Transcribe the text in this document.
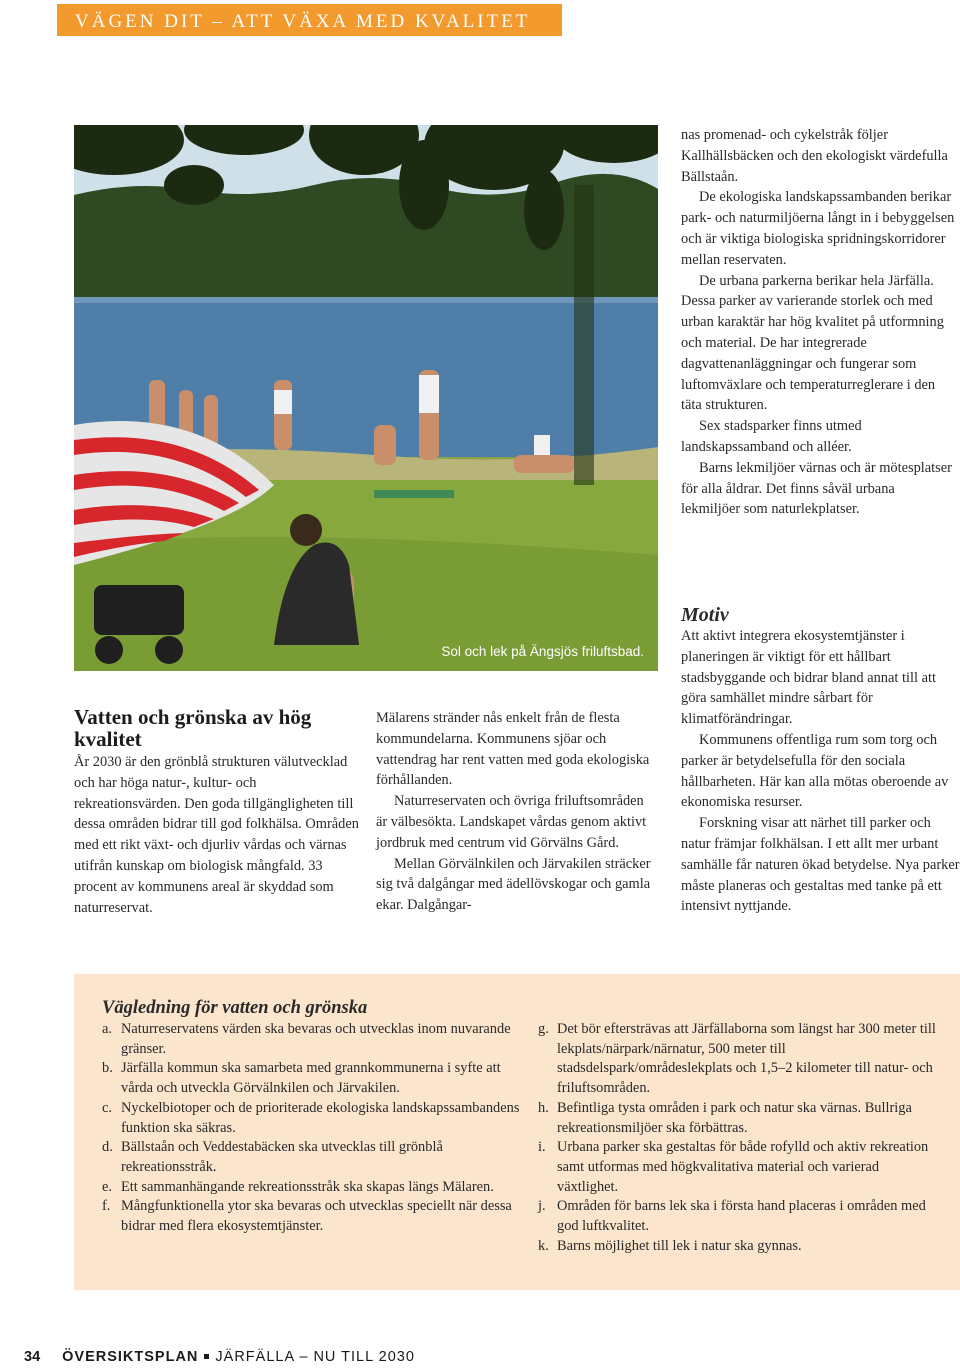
VÄGEN DIT – ATT VÄXA MED KVALITET
Sol och lek på Ängsjös friluftsbad.
Vatten och grönska av hög kvalitet

År 2030 är den grönblå strukturen välutvecklad och har höga natur-, kultur- och rekreationsvärden. Den goda tillgängligheten till dessa områden bidrar till god folkhälsa. Områden med ett rikt växt- och djurliv vårdas och värnas utifrån kunskap om biologisk mångfald. 33 procent av kommunens areal är skyddad som naturreservat.

Mälarens stränder nås enkelt från de flesta kommundelarna. Kommunens sjöar och vattendrag har rent vatten med goda ekologiska förhållanden.

Naturreservaten och övriga friluftsområden är välbesökta. Landskapet vårdas genom aktivt jordbruk med centrum vid Görvälns Gård.

Mellan Görvälnkilen och Järvakilen sträcker sig två dalgångar med ädellövskogar och gamla ekar. Dalgångar-

nas promenad- och cykelstråk följer Kallhällsbäcken och den ekologiskt värdefulla Bällstaån.

De ekologiska landskapssambanden berikar park- och naturmiljöerna långt in i bebyggelsen och är viktiga biologiska spridningskorridorer mellan reservaten.

De urbana parkerna berikar hela Järfälla. Dessa parker av varierande storlek och med urban karaktär har hög kvalitet på utformning och material. De har integrerade dagvattenanläggningar och fungerar som luftomväxlare och temperaturreglerare i den täta strukturen.

Sex stadsparker finns utmed landskapssamband och alléer.

Barns lekmiljöer värnas och är mötesplatser för alla åldrar. Det finns såväl urbana lekmiljöer som naturlekplatser.

Motiv

Att aktivt integrera ekosystemtjänster i planeringen är viktigt för ett hållbart stadsbyggande och bidrar bland annat till att göra samhället mindre sårbart för klimatförändringar.

Kommunens offentliga rum som torg och parker är betydelsefulla för den sociala hållbarheten. Här kan alla mötas oberoende av ekonomiska resurser.

Forskning visar att närhet till parker och natur främjar folkhälsan. I ett allt mer urbant samhälle får naturen ökad betydelse. Nya parker måste planeras och gestaltas med tanke på ett intensivt nyttjande.

Vägledning för vatten och grönska
a. Naturreservatens värden ska bevaras och utvecklas inom nuvarande gränser.
b. Järfälla kommun ska samarbeta med grannkommunerna i syfte att vårda och utveckla Görvälnkilen och Järvakilen.
c. Nyckelbiotoper och de prioriterade ekologiska landskapssambandens funktion ska säkras.
d. Bällstaån och Veddestabäcken ska utvecklas till grönblå rekreationsstråk.
e. Ett sammanhängande rekreationsstråk ska skapas längs Mälaren.
f. Mångfunktionella ytor ska bevaras och utvecklas speciellt när dessa bidrar med flera ekosystemtjänster.
g. Det bör eftersträvas att Järfällaborna som längst har 300 meter till lekplats/närpark/närnatur, 500 meter till stadsdelspark/områdeslekplats och 1,5–2 kilometer till natur- och friluftsområden.
h. Befintliga tysta områden i park och natur ska värnas. Bullriga rekreationsmiljöer ska förbättras.
i. Urbana parker ska gestaltas för både rofylld och aktiv rekreation samt utformas med högkvalitativa material och varierad växtlighet.
j. Områden för barns lek ska i första hand placeras i områden med god luftkvalitet.
k. Barns möjlighet till lek i natur ska gynnas.
34 ÖVERSIKTSPLAN JÄRFÄLLA – NU TILL 2030
